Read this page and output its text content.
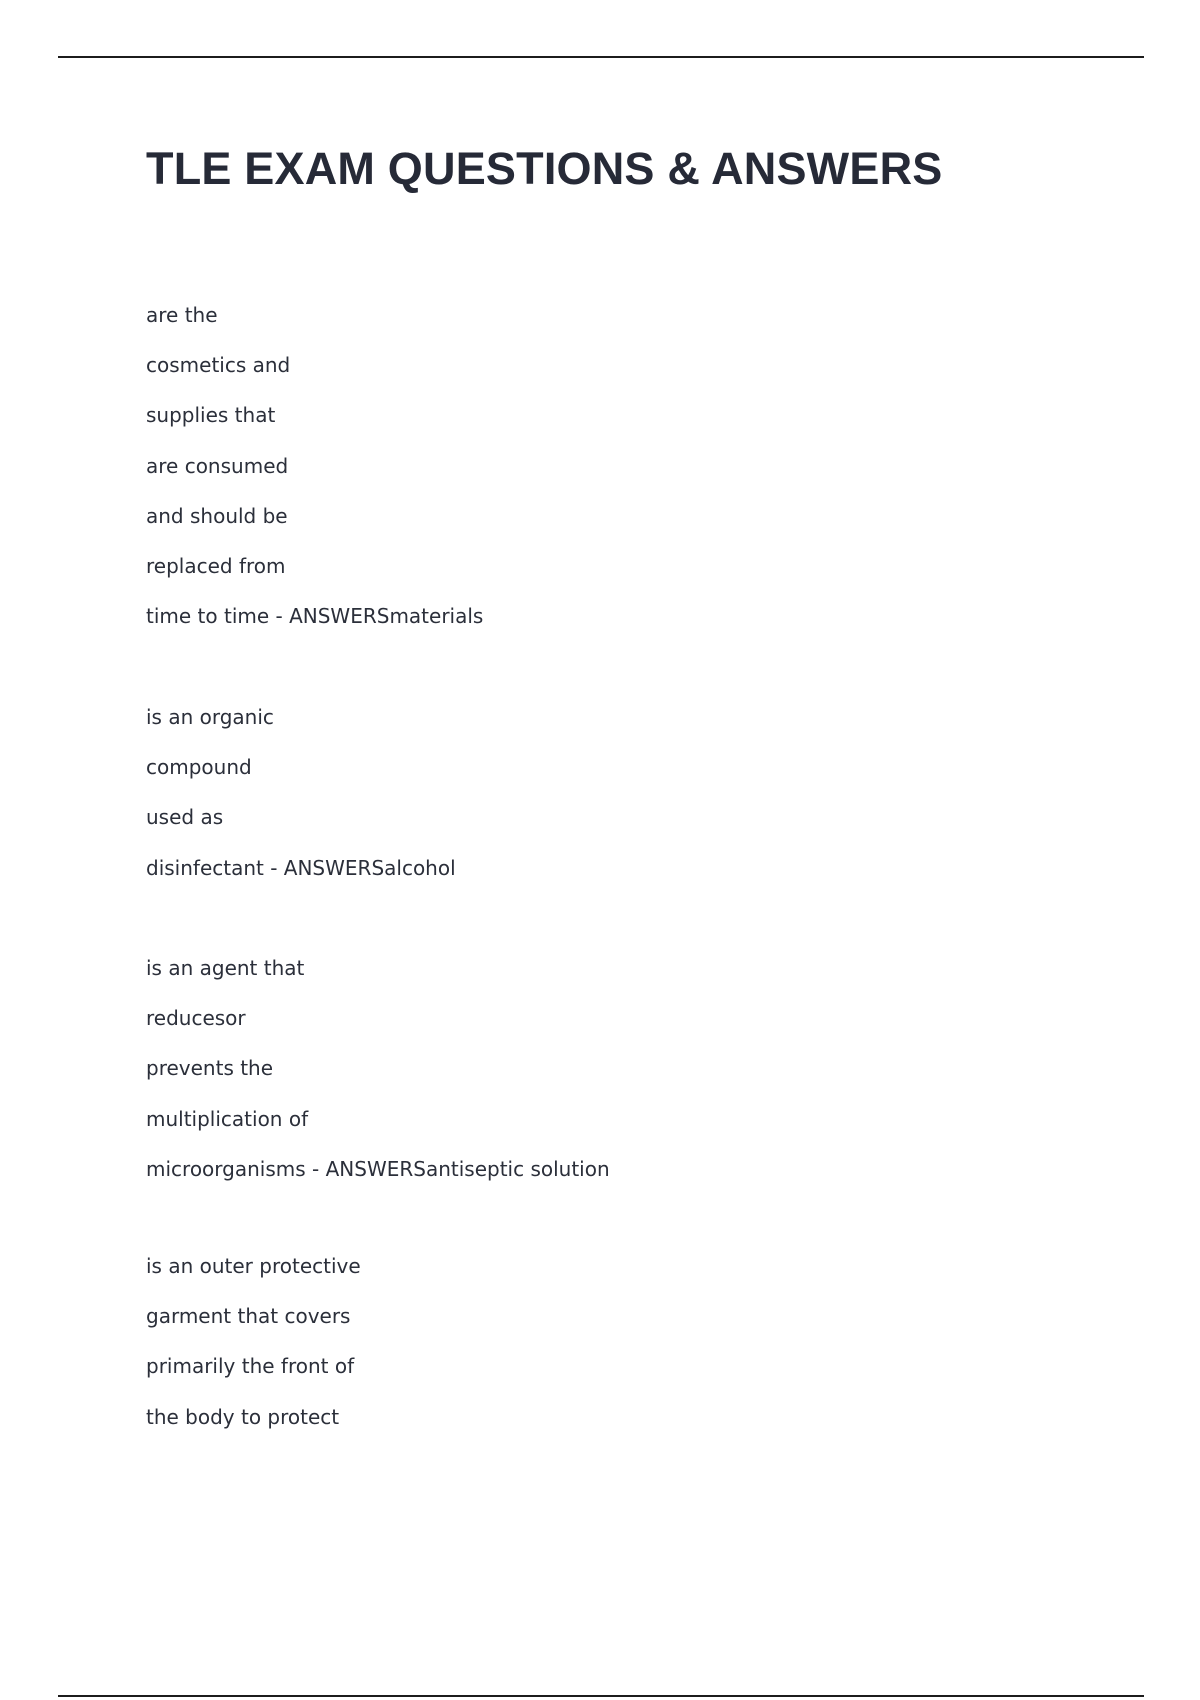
TLE EXAM QUESTIONS & ANSWERS
are the
cosmetics and
supplies that
are consumed
and should be
replaced from
time to time - ANSWERSmaterials
is an organic
compound
used as
disinfectant - ANSWERSalcohol
is an agent that
reducesor
prevents the
multiplication of
microorganisms - ANSWERSantiseptic solution
is an outer protective
garment that covers
primarily the front of
the body to protect
